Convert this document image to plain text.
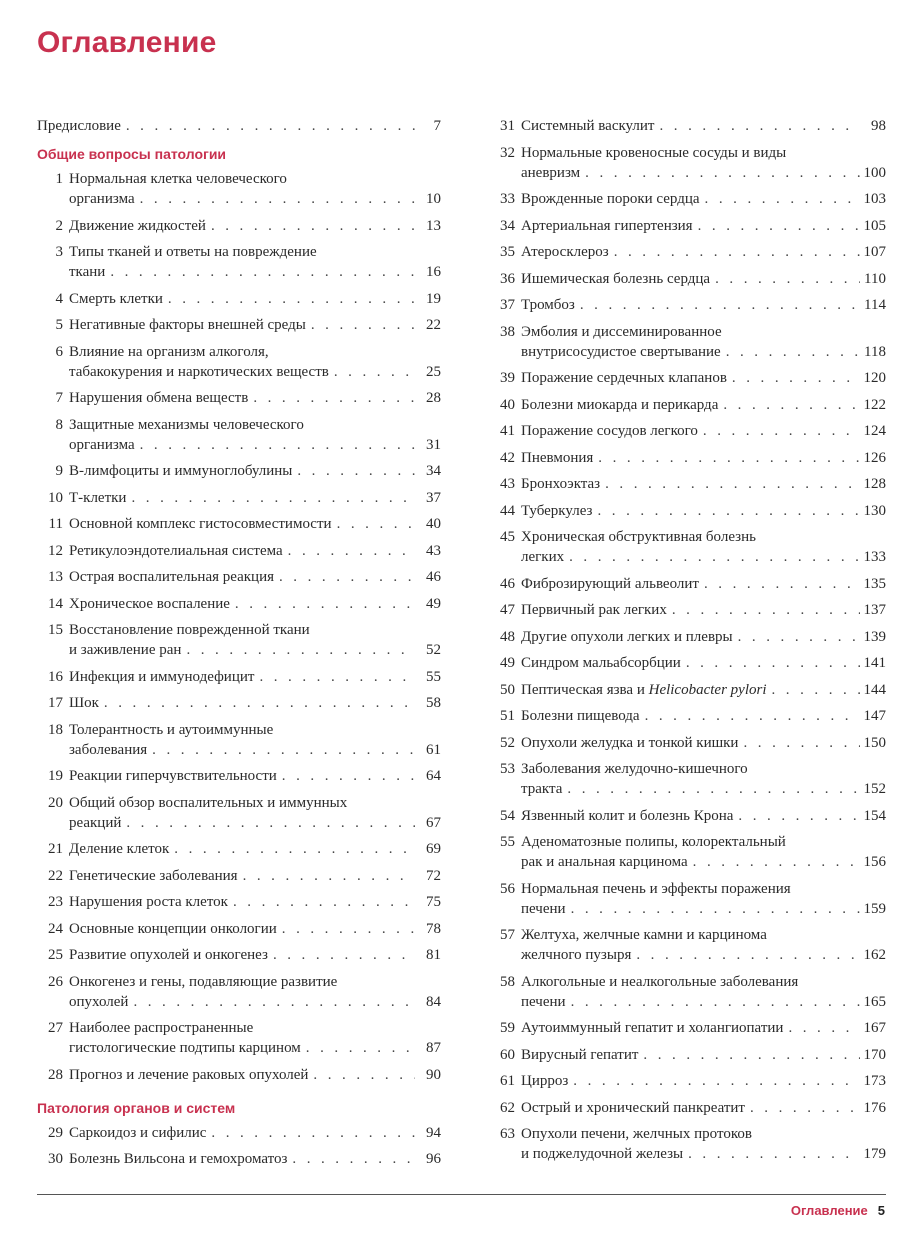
Оглавление
Предисловие . . .	7
Общие вопросы патологии
1 Нормальная клетка человеческого
организма . . .	10
2 Движение жидкостей . . .	13
3 Типы тканей и ответы на повреждение
ткани . . .	16
4 Смерть клетки . . .	19
5 Негативные факторы внешней среды . . .	22
6 Влияние на организм алкоголя,
табакокурения и наркотических веществ . . .	25
7 Нарушения обмена веществ . . .	28
8 Защитные механизмы человеческого
организма . . .	31
9 B-лимфоциты и иммуноглобулины . . .	34
10 Т-клетки . . .	37
11 Основной комплекс гистосовместимости . . .	40
12 Ретикулоэндотелиальная система . . .	43
13 Острая воспалительная реакция . . .	46
14 Хроническое воспаление . . .	49
15 Восстановление поврежденной ткани
и заживление ран . . .	52
16 Инфекция и иммунодефицит . . .	55
17 Шок . . .	58
18 Толерантность и аутоиммунные
заболевания . . .	61
19 Реакции гиперчувствительности . . .	64
20 Общий обзор воспалительных и иммунных
реакций . . .	67
21 Деление клеток . . .	69
22 Генетические заболевания . . .	72
23 Нарушения роста клеток . . .	75
24 Основные концепции онкологии . . .	78
25 Развитие опухолей и онкогенез . . .	81
26 Онкогенез и гены, подавляющие развитие
опухолей . . .	84
27 Наиболее распространенные
гистологические подтипы карцином . . .	87
28 Прогноз и лечение раковых опухолей . . .	90
Патология органов и систем
29 Саркоидоз и сифилис . . .	94
30 Болезнь Вильсона и гемохроматоз . . .	96
31 Системный васкулит . . .	98
32 Нормальные кровеносные сосуды и виды
аневризм . . .	100
33 Врожденные пороки сердца . . .	103
34 Артериальная гипертензия . . .	105
35 Атеросклероз . . .	107
36 Ишемическая болезнь сердца . . .	110
37 Тромбоз . . .	114
38 Эмболия и диссеминированное
внутрисосудистое свертывание . . .	118
39 Поражение сердечных клапанов . . .	120
40 Болезни миокарда и перикарда . . .	122
41 Поражение сосудов легкого . . .	124
42 Пневмония . . .	126
43 Бронхоэктаз . . .	128
44 Туберкулез . . .	130
45 Хроническая обструктивная болезнь
легких . . .	133
46 Фиброзирующий альвеолит . . .	135
47 Первичный рак легких . . .	137
48 Другие опухоли легких и плевры . . .	139
49 Синдром мальабсорбции . . .	141
50 Пептическая язва и Helicobacter pylori . . .	144
51 Болезни пищевода . . .	147
52 Опухоли желудка и тонкой кишки . . .	150
53 Заболевания желудочно-кишечного
тракта . . .	152
54 Язвенный колит и болезнь Крона . . .	154
55 Аденоматозные полипы, колоректальный
рак и анальная карцинома . . .	156
56 Нормальная печень и эффекты поражения
печени . . .	159
57 Желтуха, желчные камни и карцинома
желчного пузыря . . .	162
58 Алкогольные и неалкогольные заболевания
печени . . .	165
59 Аутоиммунный гепатит и холангиопатии . . .	167
60 Вирусный гепатит . . .	170
61 Цирроз . . .	173
62 Острый и хронический панкреатит . . .	176
63 Опухоли печени, желчных протоков
и поджелудочной железы . . .	179
Оглавление 5
